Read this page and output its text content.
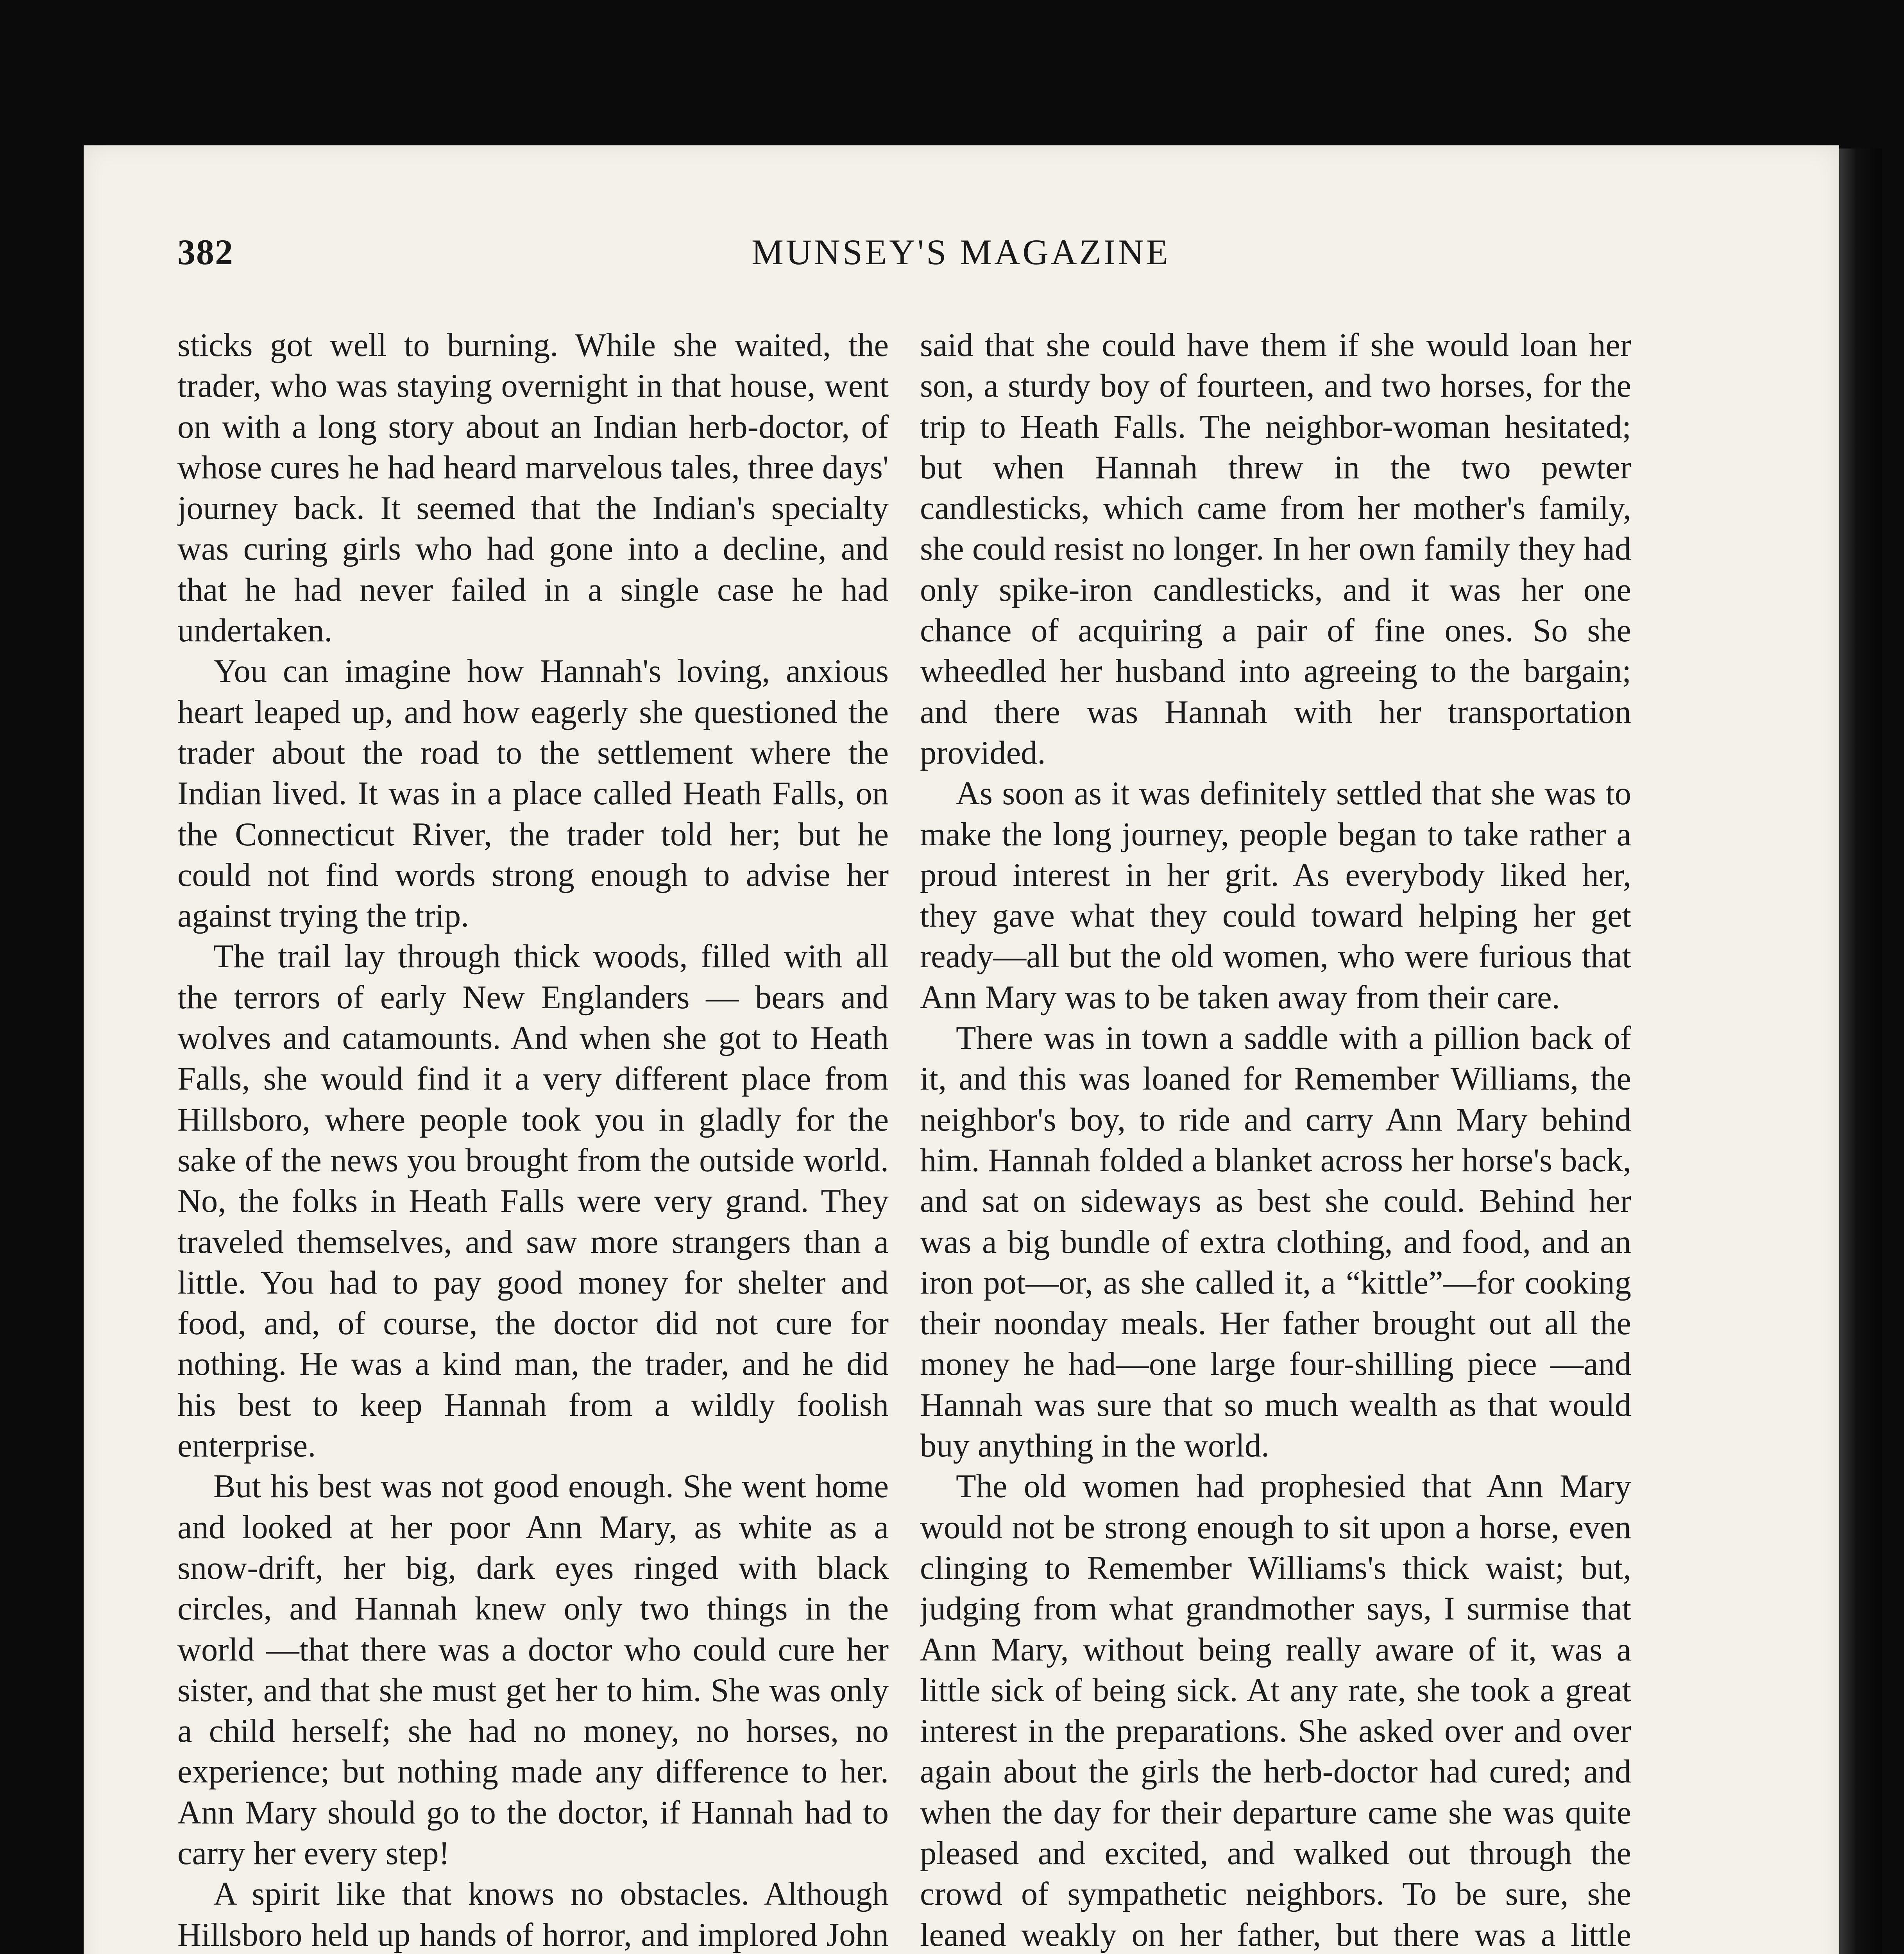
382	MUNSEY'S MAGAZINE

sticks got well to burning. While she waited, the trader, who was staying overnight in that house, went on with a long story about an Indian herb-doctor, of whose cures he had heard marvelous tales, three days' journey back. It seemed that the Indian's specialty was curing girls who had gone into a decline, and that he had never failed in a single case he had undertaken.

You can imagine how Hannah's loving, anxious heart leaped up, and how eagerly she questioned the trader about the road to the settlement where the Indian lived. It was in a place called Heath Falls, on the Connecticut River, the trader told her; but he could not find words strong enough to advise her against trying the trip.

The trail lay through thick woods, filled with all the terrors of early New Englanders — bears and wolves and catamounts. And when she got to Heath Falls, she would find it a very different place from Hillsboro, where people took you in gladly for the sake of the news you brought from the outside world. No, the folks in Heath Falls were very grand. They traveled themselves, and saw more strangers than a little. You had to pay good money for shelter and food, and, of course, the doctor did not cure for nothing. He was a kind man, the trader, and he did his best to keep Hannah from a wildly foolish enterprise.

But his best was not good enough. She went home and looked at her poor Ann Mary, as white as a snow-drift, her big, dark eyes ringed with black circles, and Hannah knew only two things in the world —that there was a doctor who could cure her sister, and that she must get her to him. She was only a child herself; she had no money, no horses, no experience; but nothing made any difference to her. Ann Mary should go to the doctor, if Hannah had to carry her every step!

A spirit like that knows no obstacles. Although Hillsboro held up hands of horror, and implored John

said that she could have them if she would loan her son, a sturdy boy of fourteen, and two horses, for the trip to Heath Falls. The neighbor-woman hesitated; but when Hannah threw in the two pewter candlesticks, which came from her mother's family, she could resist no longer. In her own family they had only spike-iron candlesticks, and it was her one chance of acquiring a pair of fine ones. So she wheedled her husband into agreeing to the bargain; and there was Hannah with her transportation provided.

As soon as it was definitely settled that she was to make the long journey, people began to take rather a proud interest in her grit. As everybody liked her, they gave what they could toward helping her get ready—all but the old women, who were furious that Ann Mary was to be taken away from their care.

There was in town a saddle with a pillion back of it, and this was loaned for Remember Williams, the neighbor's boy, to ride and carry Ann Mary behind him. Hannah folded a blanket across her horse's back, and sat on sideways as best she could. Behind her was a big bundle of extra clothing, and food, and an iron pot—or, as she called it, a “kittle”—for cooking their noonday meals. Her father brought out all the money he had—one large four-shilling piece —and Hannah was sure that so much wealth as that would buy anything in the world.

The old women had prophesied that Ann Mary would not be strong enough to sit upon a horse, even clinging to Remember Williams's thick waist; but, judging from what grandmother says, I surmise that Ann Mary, without being really aware of it, was a little sick of being sick. At any rate, she took a great interest in the preparations. She asked over and over again about the girls the herb-doctor had cured; and when the day for their departure came she was quite pleased and excited, and walked out through the crowd of sympathetic neighbors. To be sure, she leaned weakly on her father, but there was a little
